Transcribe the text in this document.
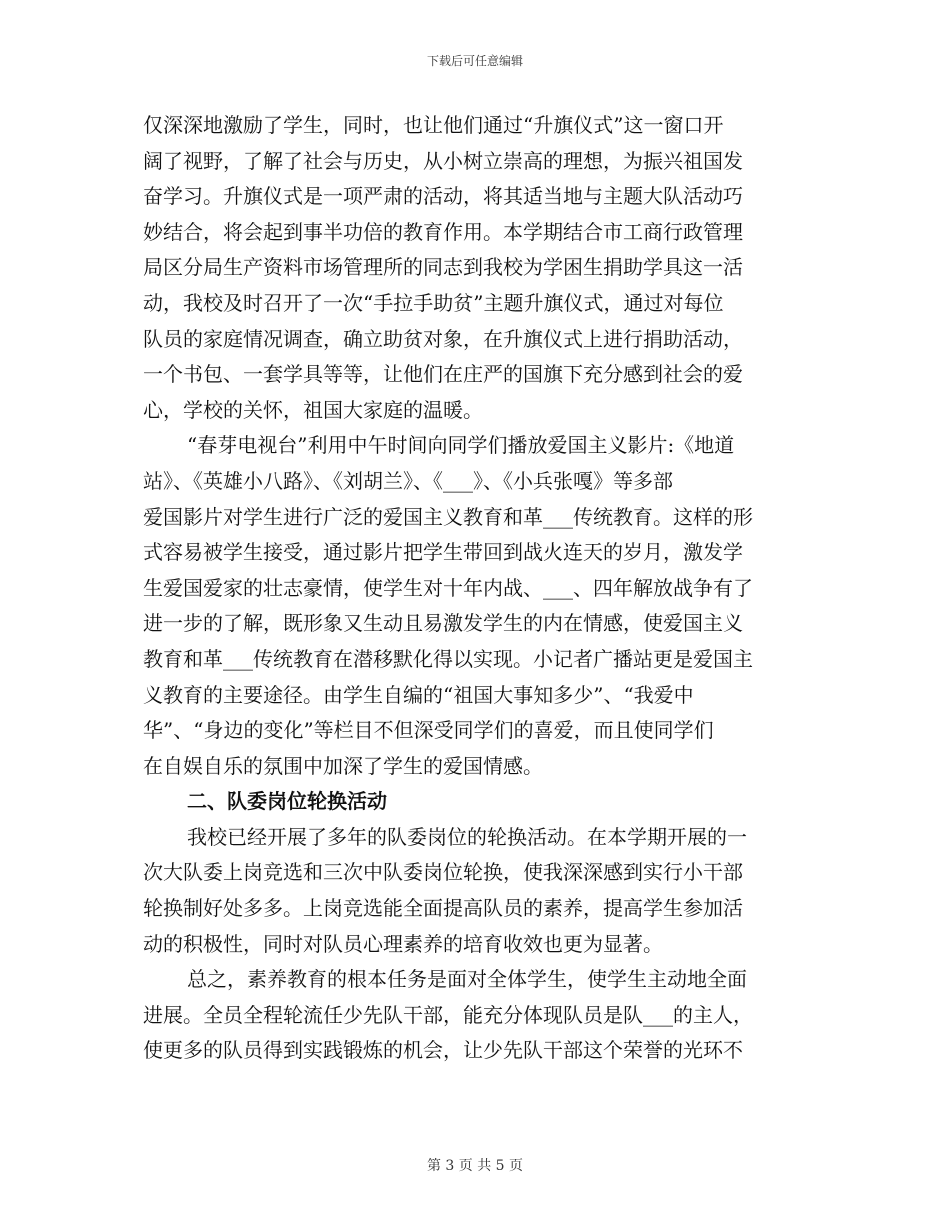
下载后可任意编辑
仅深深地激励了学生，同时，也让他们通过“升旗仪式”这一窗口开
阔了视野，了解了社会与历史，从小树立崇高的理想，为振兴祖国发
奋学习。升旗仪式是一项严肃的活动，将其适当地与主题大队活动巧
妙结合，将会起到事半功倍的教育作用。本学期结合市工商行政管理
局区分局生产资料市场管理所的同志到我校为学困生捐助学具这一活
动，我校及时召开了一次“手拉手助贫”主题升旗仪式，通过对每位
队员的家庭情况调查，确立助贫对象，在升旗仪式上进行捐助活动，
一个书包、一套学具等等，让他们在庄严的国旗下充分感到社会的爱
心，学校的关怀，祖国大家庭的温暖。
“春芽电视台”利用中午时间向同学们播放爱国主义影片:《地道
站》、《英雄小八路》、《刘胡兰》、《___》、《小兵张嘎》等多部
爱国影片对学生进行广泛的爱国主义教育和革___传统教育。这样的形
式容易被学生接受，通过影片把学生带回到战火连天的岁月，激发学
生爱国爱家的壮志豪情，使学生对十年内战、___、四年解放战争有了
进一步的了解，既形象又生动且易激发学生的内在情感，使爱国主义
教育和革___传统教育在潜移默化得以实现。小记者广播站更是爱国主
义教育的主要途径。由学生自编的“祖国大事知多少”、“我爱中
华”、“身边的变化”等栏目不但深受同学们的喜爱，而且使同学们
在自娱自乐的氛围中加深了学生的爱国情感。
二、队委岗位轮换活动
我校已经开展了多年的队委岗位的轮换活动。在本学期开展的一
次大队委上岗竞选和三次中队委岗位轮换，使我深深感到实行小干部
轮换制好处多多。上岗竞选能全面提高队员的素养，提高学生参加活
动的积极性，同时对队员心理素养的培育收效也更为显著。
总之，素养教育的根本任务是面对全体学生，使学生主动地全面
进展。全员全程轮流任少先队干部，能充分体现队员是队___的主人，
使更多的队员得到实践锻炼的机会，让少先队干部这个荣誉的光环不
第 3 页 共 5 页
